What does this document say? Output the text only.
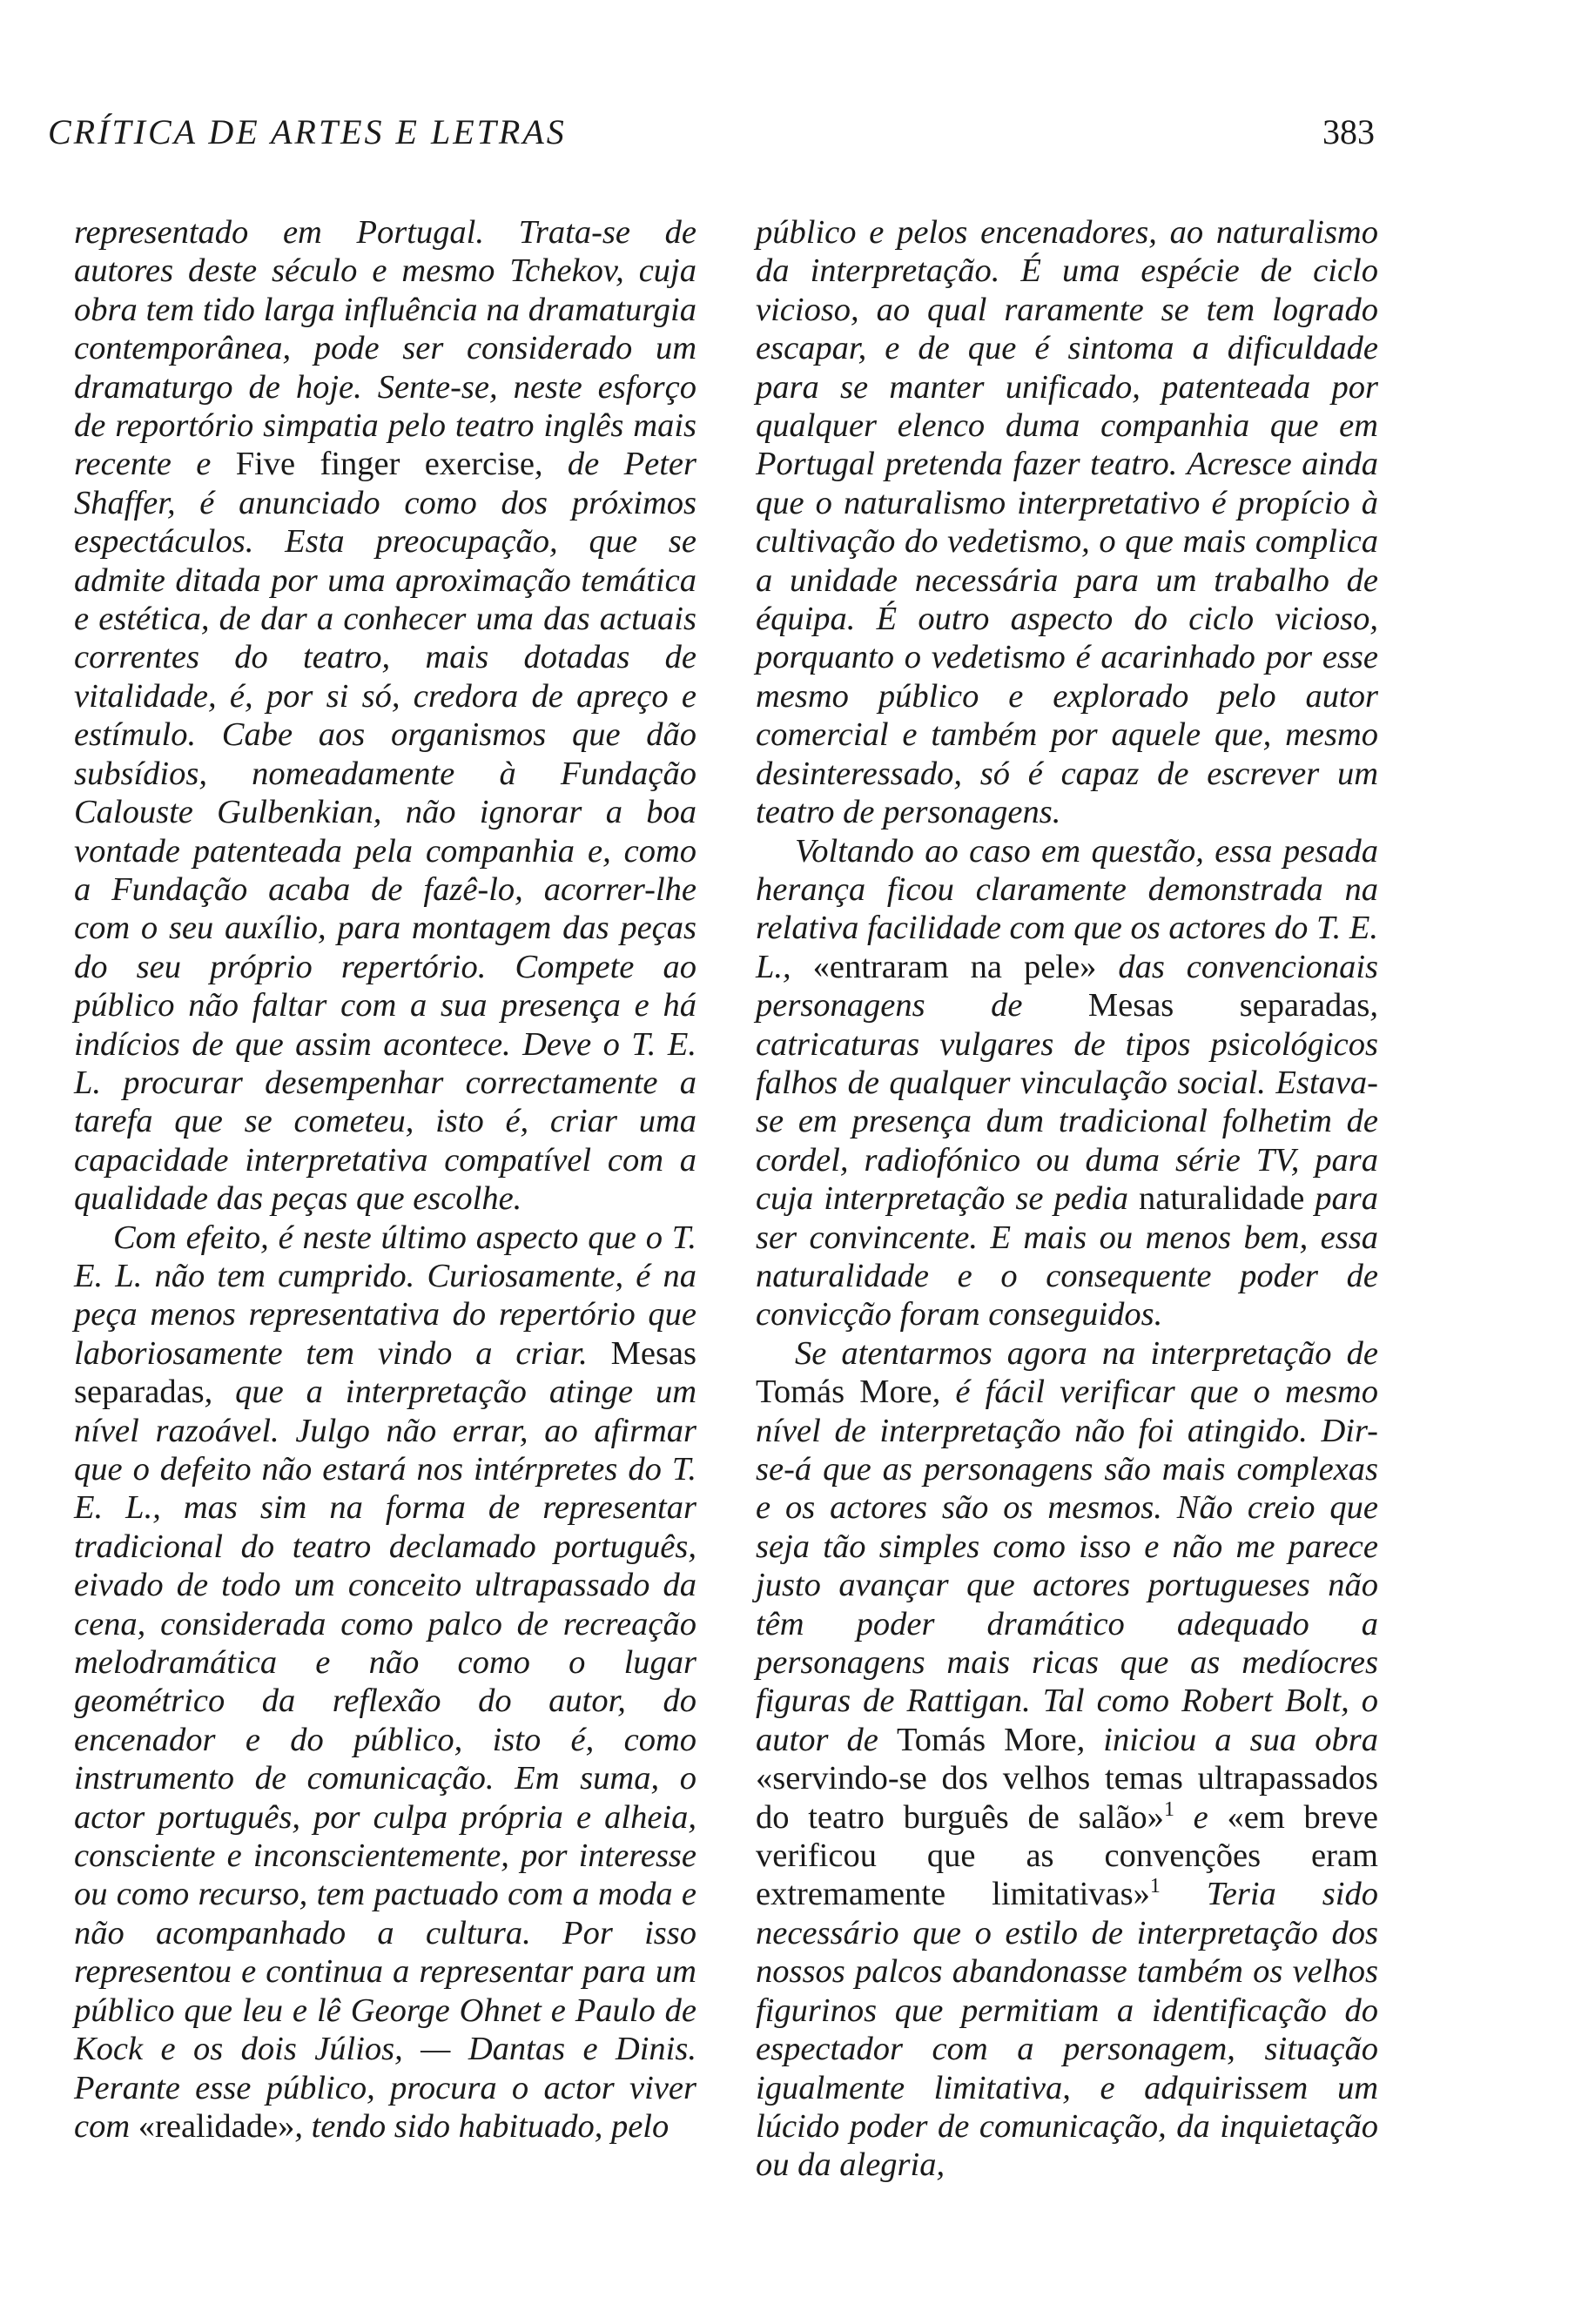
CRÍTICA DE ARTES E LETRAS	383

representado em Portugal. Trata-se de autores deste século e mesmo Tchekov, cuja obra tem tido larga influência na dramaturgia contemporânea, pode ser considerado um dramaturgo de hoje. Sente-se, neste esforço de reportório simpatia pelo teatro inglês mais recente e Five finger exercise, de Peter Shaffer, é anunciado como dos próximos espectáculos. Esta preocupação, que se admite ditada por uma aproximação temática e estética, de dar a conhecer uma das actuais correntes do teatro, mais dotadas de vitalidade, é, por si só, credora de apreço e estímulo. Cabe aos organismos que dão subsídios, nomeadamente à Fundação Calouste Gulbenkian, não ignorar a boa vontade patenteada pela companhia e, como a Fundação acaba de fazê-lo, acorrer-lhe com o seu auxílio, para montagem das peças do seu próprio repertório. Compete ao público não faltar com a sua presença e há indícios de que assim acontece. Deve o T. E. L. procurar desempenhar correctamente a tarefa que se cometeu, isto é, criar uma capacidade interpretativa compatível com a qualidade das peças que escolhe.

Com efeito, é neste último aspecto que o T. E. L. não tem cumprido. Curiosamente, é na peça menos representativa do repertório que laboriosamente tem vindo a criar. Mesas separadas, que a interpretação atinge um nível razoável. Julgo não errar, ao afirmar que o defeito não estará nos intérpretes do T. E. L., mas sim na forma de representar tradicional do teatro declamado português, eivado de todo um conceito ultrapassado da cena, considerada como palco de recreação melodramática e não como o lugar geométrico da reflexão do autor, do encenador e do público, isto é, como instrumento de comunicação. Em suma, o actor português, por culpa própria e alheia, consciente e inconscientemente, por interesse ou como recurso, tem pactuado com a moda e não acompanhado a cultura. Por isso representou e continua a representar para um público que leu e lê George Ohnet e Paulo de Kock e os dois Júlios, — Dantas e Dinis. Perante esse público, procura o actor viver com «realidade», tendo sido habituado, pelo

público e pelos encenadores, ao naturalismo da interpretação. É uma espécie de ciclo vicioso, ao qual raramente se tem logrado escapar, e de que é sintoma a dificuldade para se manter unificado, patenteada por qualquer elenco duma companhia que em Portugal pretenda fazer teatro. Acresce ainda que o naturalismo interpretativo é propício à cultivação do vedetismo, o que mais complica a unidade necessária para um trabalho de équipa. É outro aspecto do ciclo vicioso, porquanto o vedetismo é acarinhado por esse mesmo público e explorado pelo autor comercial e também por aquele que, mesmo desinteressado, só é capaz de escrever um teatro de personagens.

Voltando ao caso em questão, essa pesada herança ficou claramente demonstrada na relativa facilidade com que os actores do T. E. L., «entraram na pele» das convencionais personagens de Mesas separadas, catricaturas vulgares de tipos psicológicos falhos de qualquer vinculação social. Estava-se em presença dum tradicional folhetim de cordel, radiofónico ou duma série TV, para cuja interpretação se pedia naturalidade para ser convincente. E mais ou menos bem, essa naturalidade e o consequente poder de convicção foram conseguidos.

Se atentarmos agora na interpretação de Tomás More, é fácil verificar que o mesmo nível de interpretação não foi atingido. Dir-se-á que as personagens são mais complexas e os actores são os mesmos. Não creio que seja tão simples como isso e não me parece justo avançar que actores portugueses não têm poder dramático adequado a personagens mais ricas que as medíocres figuras de Rattigan. Tal como Robert Bolt, o autor de Tomás More, iniciou a sua obra «servindo-se dos velhos temas ultrapassados do teatro burguês de salão»$^1$ e «em breve verificou que as convenções eram extremamente limitativas»$^1$ Teria sido necessário que o estilo de interpretação dos nossos palcos abandonasse também os velhos figurinos que permitiam a identificação do espectador com a personagem, situação igualmente limitativa, e adquirissem um lúcido poder de comunicação, da inquietação ou da alegria,
